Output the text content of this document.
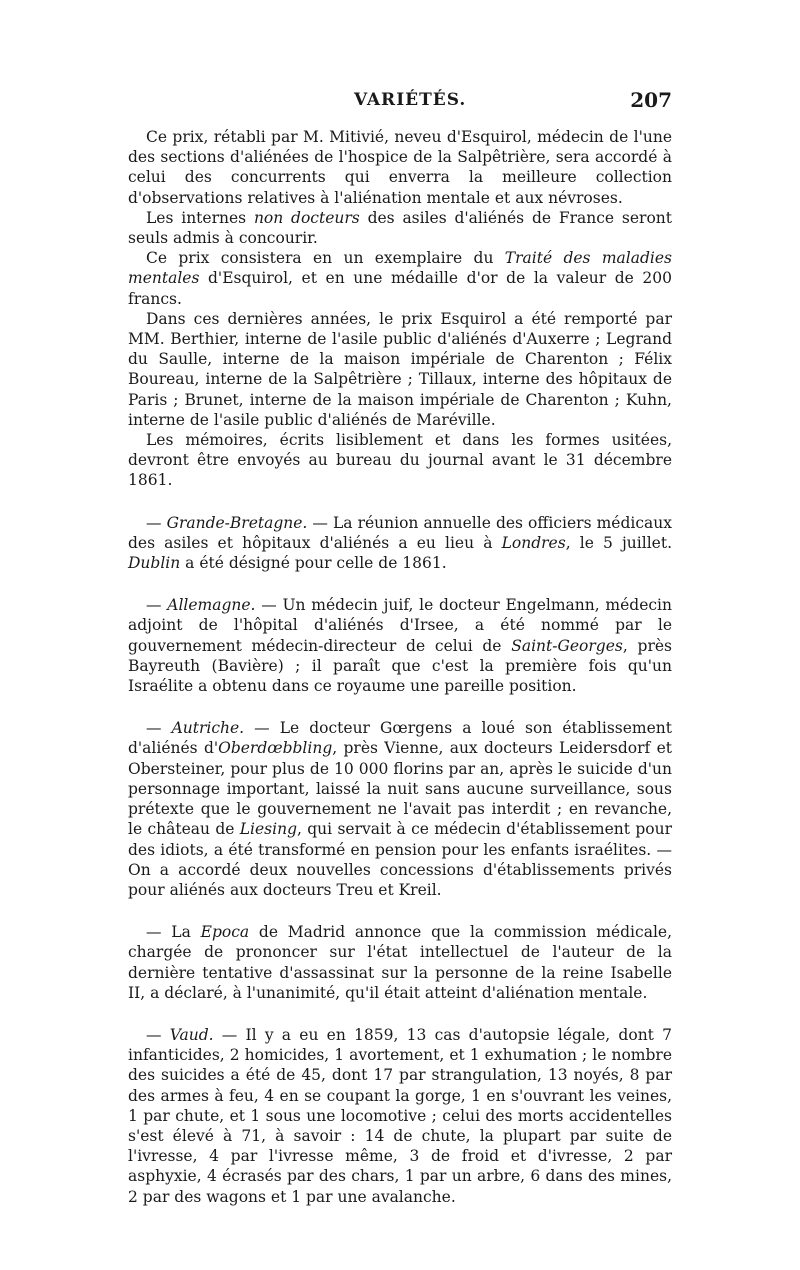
VARIÉTÉS.	207

Ce prix, rétabli par M. Mitivié, neveu d'Esquirol, médecin de l'une des sections d'aliénées de l'hospice de la Salpêtrière, sera accordé à celui des concurrents qui enverra la meilleure collection d'observations relatives à l'aliénation mentale et aux névroses.

Les internes non docteurs des asiles d'aliénés de France seront seuls admis à concourir.

Ce prix consistera en un exemplaire du Traité des maladies mentales d'Esquirol, et en une médaille d'or de la valeur de 200 francs.

Dans ces dernières années, le prix Esquirol a été remporté par MM. Berthier, interne de l'asile public d'aliénés d'Auxerre ; Legrand du Saulle, interne de la maison impériale de Charenton ; Félix Boureau, interne de la Salpêtrière ; Tillaux, interne des hôpitaux de Paris ; Brunet, interne de la maison impériale de Charenton ; Kuhn, interne de l'asile public d'aliénés de Maréville.

Les mémoires, écrits lisiblement et dans les formes usitées, devront être envoyés au bureau du journal avant le 31 décembre 1861.

— Grande-Bretagne. — La réunion annuelle des officiers médicaux des asiles et hôpitaux d'aliénés a eu lieu à Londres, le 5 juillet. Dublin a été désigné pour celle de 1861.

— Allemagne. — Un médecin juif, le docteur Engelmann, médecin adjoint de l'hôpital d'aliénés d'Irsee, a été nommé par le gouvernement médecin-directeur de celui de Saint-Georges, près Bayreuth (Bavière) ; il paraît que c'est la première fois qu'un Israélite a obtenu dans ce royaume une pareille position.

— Autriche. — Le docteur Gœrgens a loué son établissement d'aliénés d'Oberdœbbling, près Vienne, aux docteurs Leidersdorf et Obersteiner, pour plus de 10 000 florins par an, après le suicide d'un personnage important, laissé la nuit sans aucune surveillance, sous prétexte que le gouvernement ne l'avait pas interdit ; en revanche, le château de Liesing, qui servait à ce médecin d'établissement pour des idiots, a été transformé en pension pour les enfants israélites. — On a accordé deux nouvelles concessions d'établissements privés pour aliénés aux docteurs Treu et Kreil.

— La Epoca de Madrid annonce que la commission médicale, chargée de prononcer sur l'état intellectuel de l'auteur de la dernière tentative d'assassinat sur la personne de la reine Isabelle II, a déclaré, à l'unanimité, qu'il était atteint d'aliénation mentale.

— Vaud. — Il y a eu en 1859, 13 cas d'autopsie légale, dont 7 infanticides, 2 homicides, 1 avortement, et 1 exhumation ; le nombre des suicides a été de 45, dont 17 par strangulation, 13 noyés, 8 par des armes à feu, 4 en se coupant la gorge, 1 en s'ouvrant les veines, 1 par chute, et 1 sous une locomotive ; celui des morts accidentelles s'est élevé à 71, à savoir : 14 de chute, la plupart par suite de l'ivresse, 4 par l'ivresse même, 3 de froid et d'ivresse, 2 par asphyxie, 4 écrasés par des chars, 1 par un arbre, 6 dans des mines, 2 par des wagons et 1 par une avalanche.
